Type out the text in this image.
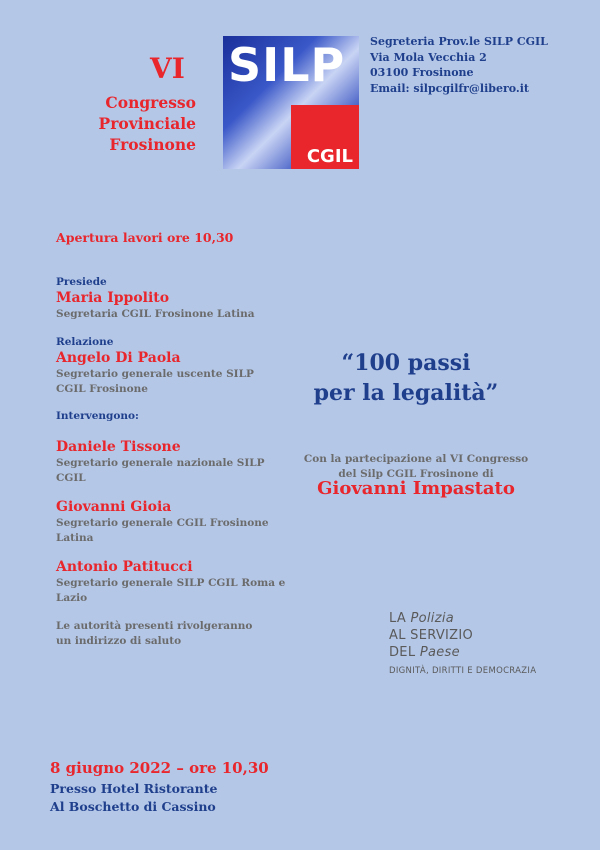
VI
Congresso
Provinciale
Frosinone
SILP
CGIL
Segreteria Prov.le SILP CGIL
Via Mola Vecchia 2
03100 Frosinone
Email: silpcgilfr@libero.it
Apertura lavori ore 10,30
Presiede
Maria Ippolito
Segretaria CGIL Frosinone Latina
Relazione
Angelo Di Paola
Segretario generale uscente SILP CGIL Frosinone
Intervengono:
Daniele Tissone
Segretario generale nazionale SILP CGIL
Giovanni Gioia
Segretario generale CGIL Frosinone Latina
Antonio Patitucci
Segretario generale SILP CGIL Roma e Lazio
Le autorità presenti rivolgeranno un indirizzo di saluto
“100 passi
per la legalità”
Con la partecipazione al VI Congresso del Silp CGIL Frosinone di
Giovanni Impastato
LA Polizia
AL SERVIZIO
DEL Paese
DIGNITÀ, DIRITTI E DEMOCRAZIA
8 giugno 2022 – ore 10,30
Presso Hotel Ristorante
Al Boschetto di Cassino
